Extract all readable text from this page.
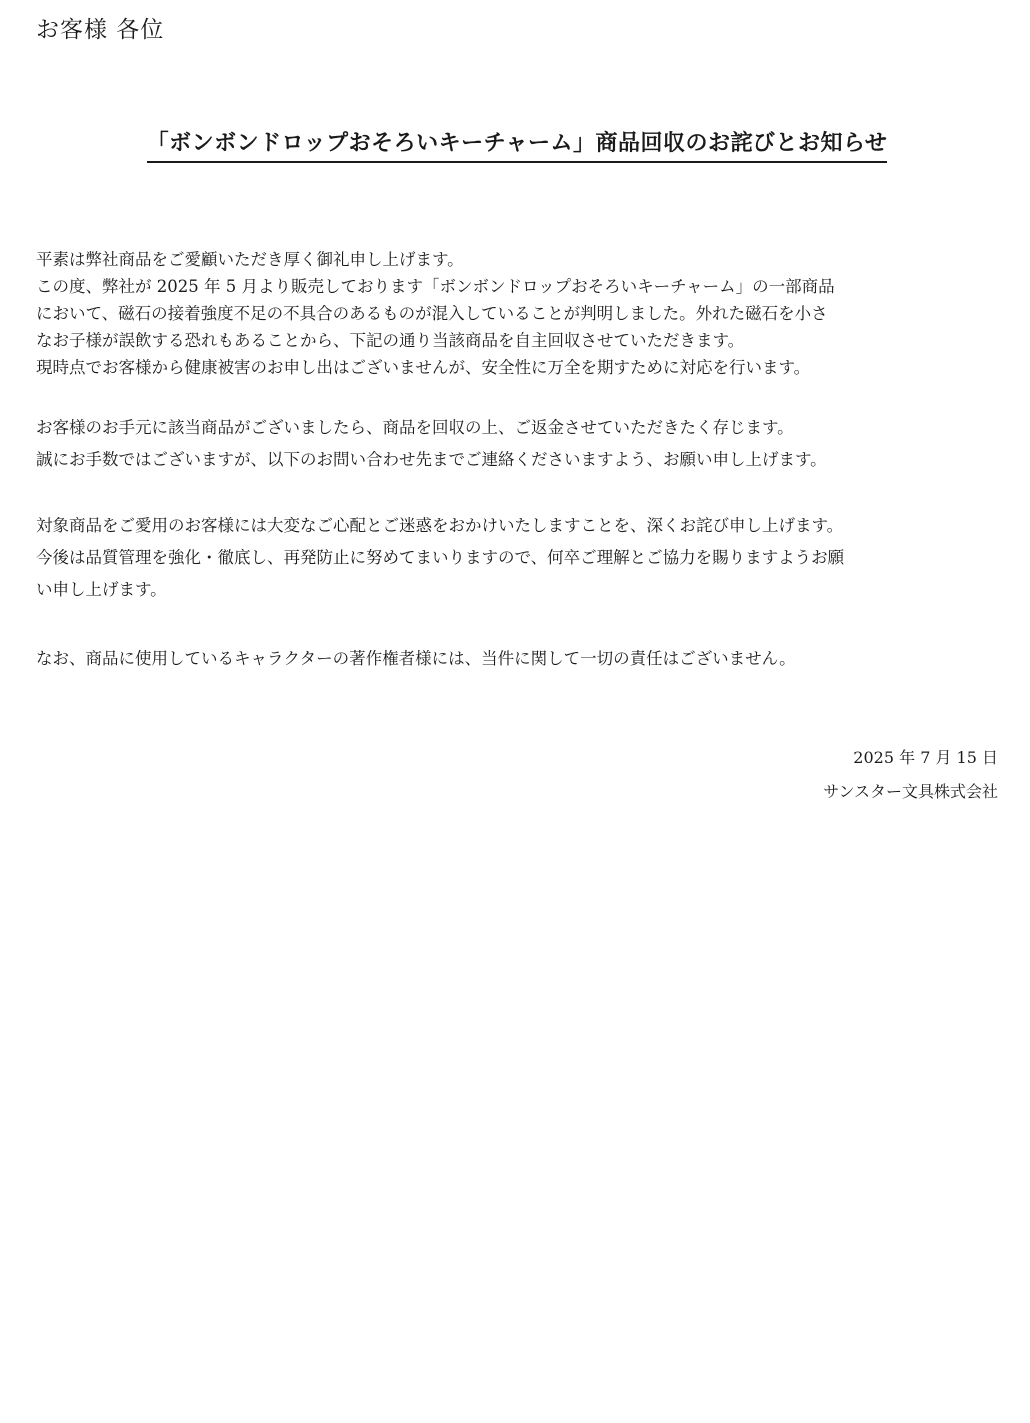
お客様 各位
「ボンボンドロップおそろいキーチャーム」商品回収のお詫びとお知らせ

平素は弊社商品をご愛顧いただき厚く御礼申し上げます。
この度、弊社が 2025 年 5 月より販売しております「ボンボンドロップおそろいキーチャーム」の一部商品
において、磁石の接着強度不足の不具合のあるものが混入していることが判明しました。外れた磁石を小さ
なお子様が誤飲する恐れもあることから、下記の通り当該商品を自主回収させていただきます。
現時点でお客様から健康被害のお申し出はございませんが、安全性に万全を期すために対応を行います。

お客様のお手元に該当商品がございましたら、商品を回収の上、ご返金させていただきたく存じます。
誠にお手数ではございますが、以下のお問い合わせ先までご連絡くださいますよう、お願い申し上げます。

対象商品をご愛用のお客様には大変なご心配とご迷惑をおかけいたしますことを、深くお詫び申し上げます。
今後は品質管理を強化・徹底し、再発防止に努めてまいりますので、何卒ご理解とご協力を賜りますようお願
い申し上げます。

なお、商品に使用しているキャラクターの著作権者様には、当件に関して一切の責任はございません。

2025 年 7 月 15 日

サンスター文具株式会社
